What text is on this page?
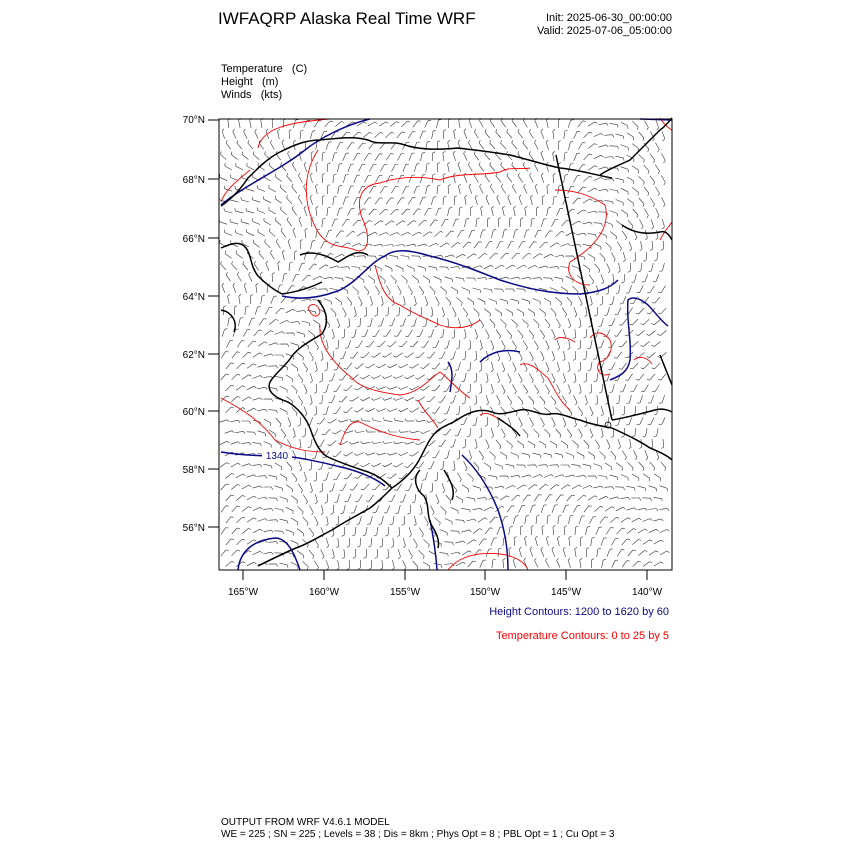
IWFAQRP Alaska Real Time WRF	Init: 2025-06-30_00:00:00
Valid: 2025-07-06_05:00:00
Temperature   (C)
Height   (m)
Winds   (kts)
1340
70°N
68°N
66°N
64°N
62°N
60°N
58°N
56°N
165°W	160°W	155°W	150°W	145°W	140°W
Height Contours: 1200 to 1620 by 60
Temperature Contours: 0 to 25 by 5
OUTPUT FROM WRF V4.6.1 MODEL
WE = 225 ; SN = 225 ; Levels = 38 ; Dis = 8km ; Phys Opt = 8 ; PBL Opt = 1 ; Cu Opt = 3
